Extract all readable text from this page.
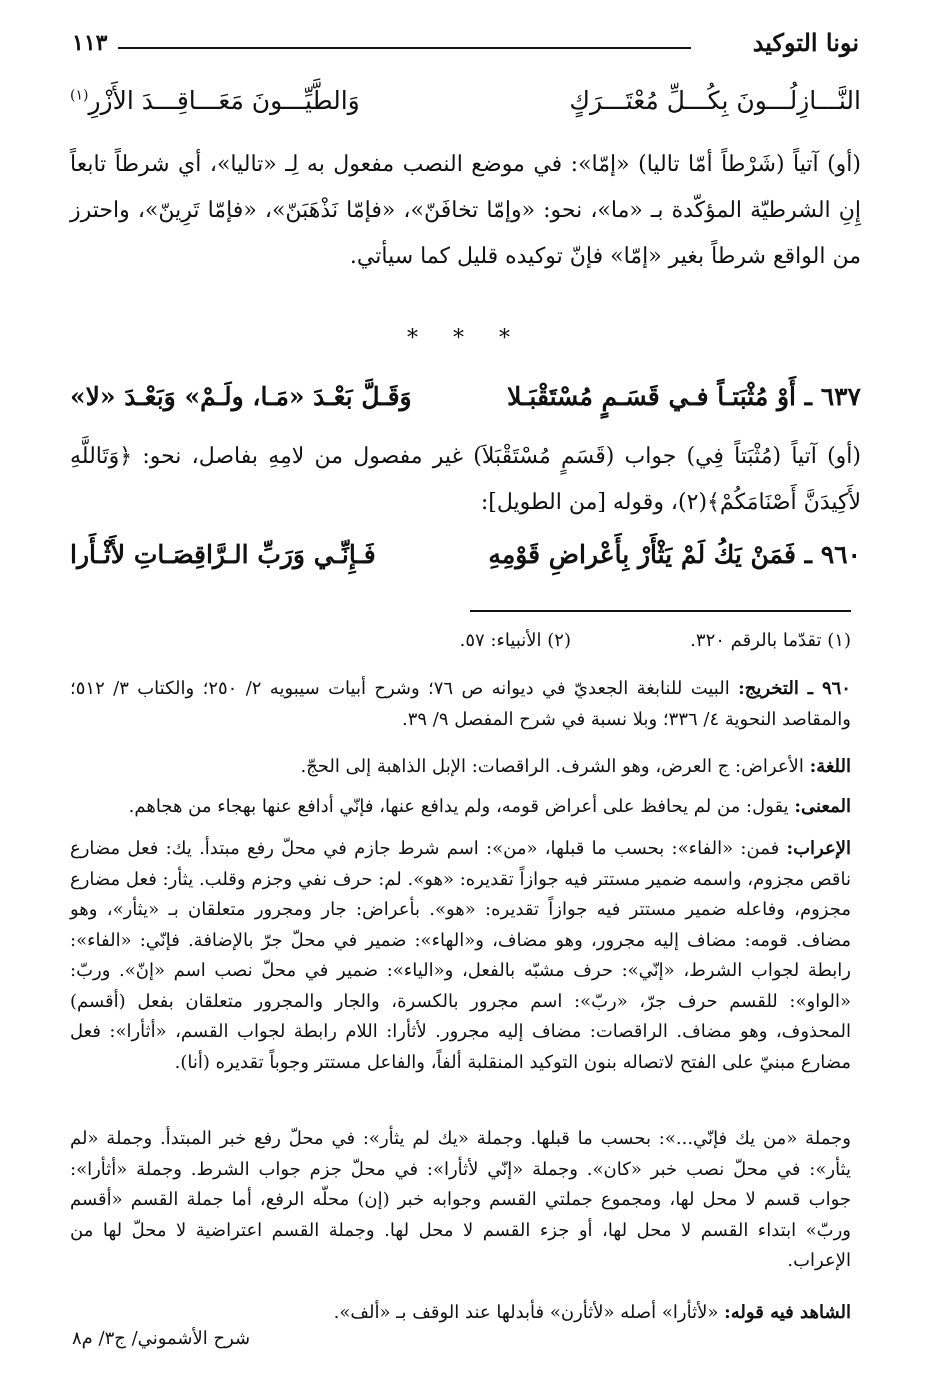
نونا التوكيد
١١٣
النَّـــازِلُـــونَ بِكُـــلِّ مُعْتَـــرَكٍ
وَالطَّيِّـــونَ مَعَـــاقِـــدَ الأَزْرِ$^{(١)}$
(أو) آتياً (شَرْطاً أمّا تاليا) «إمّا»: في موضع النصب مفعول به لِـ «تاليا»، أي شرطاً تابعاً إِنِ الشرطيّة المؤكّدة بـ «ما»، نحو: «وإمّا تخافَنّ»، «فإمّا نَذْهَبَنّ»، «فإمّا تَرِينّ»، واحترز من الواقع شرطاً بغير «إمّا» فإنّ توكيده قليل كما سيأتي.
* * *
٦٣٧ ـ أَوْ مُثْبَتـاً فـي قَسَـمٍ مُسْتَقْبَـلا
وَقَـلَّ بَعْـدَ «مَـا، ولَـمْ» وَبَعْـدَ «لا»
(أو) آتياً (مُثْبَتاً فِي) جواب (قَسَمٍ مُسْتَقْبَلاَ) غير مفصول من لامِهِ بفاصل، نحو: ﴿وَتَاللَّهِ لأَكِيدَنَّ أَصْنَامَكُمْ﴾(٢)، وقوله [من الطويل]:
٩٦٠ ـ فَمَنْ يَكُ لَمْ يَثْأَرْ بِأَعْراضِ قَوْمِهِ
فَـإِنِّـي وَرَبِّ الـرَّاقِصَـاتِ لأَثْـأَرا
(١) تقدّما بالرقم ٣٢٠.
(٢) الأنبياء: ٥٧.
٩٦٠ ـ التخريج: البيت للنابغة الجعديّ في ديوانه ص ٧٦؛ وشرح أبيات سيبويه ٢/ ٢٥٠؛ والكتاب ٣/ ٥١٢؛ والمقاصد النحوية ٤/ ٣٣٦؛ وبلا نسبة في شرح المفصل ٩/ ٣٩.
اللغة: الأعراض: ج العرض، وهو الشرف. الراقصات: الإبل الذاهبة إلى الحجّ.
المعنى: يقول: من لم يحافظ على أعراض قومه، ولم يدافع عنها، فإنّي أدافع عنها بهجاء من هجاهم.
الإعراب: فمن: «الفاء»: بحسب ما قبلها، «من»: اسم شرط جازم في محلّ رفع مبتدأ. يك: فعل مضارع ناقص مجزوم، واسمه ضمير مستتر فيه جوازاً تقديره: «هو». لم: حرف نفي وجزم وقلب. يثأر: فعل مضارع مجزوم، وفاعله ضمير مستتر فيه جوازاً تقديره: «هو». بأعراض: جار ومجرور متعلقان بـ «يثأر»، وهو مضاف. قومه: مضاف إليه مجرور، وهو مضاف، و«الهاء»: ضمير في محلّ جرّ بالإضافة. فإنّي: «الفاء»: رابطة لجواب الشرط، «إنّي»: حرف مشبّه بالفعل، و«الياء»: ضمير في محلّ نصب اسم «إنّ». وربّ: «الواو»: للقسم حرف جرّ، «ربّ»: اسم مجرور بالكسرة، والجار والمجرور متعلقان بفعل (أقسم) المحذوف، وهو مضاف. الراقصات: مضاف إليه مجرور. لأثأرا: اللام رابطة لجواب القسم، «أثأرا»: فعل مضارع مبنيّ على الفتح لاتصاله بنون التوكيد المنقلبة ألفاً، والفاعل مستتر وجوباً تقديره (أنا).
وجملة «من يك فإنّي...»: بحسب ما قبلها. وجملة «يك لم يثأر»: في محلّ رفع خبر المبتدأ. وجملة «لم يثأر»: في محلّ نصب خبر «كان». وجملة «إنّي لأثأرا»: في محلّ جزم جواب الشرط. وجملة «أثأرا»: جواب قسم لا محل لها، ومجموع جملتي القسم وجوابه خبر (إن) محلّه الرفع، أما جملة القسم «أقسم وربّ» ابتداء القسم لا محل لها، أو جزء القسم لا محل لها. وجملة القسم اعتراضية لا محلّ لها من الإعراب.
الشاهد فيه قوله: «لأثأرا» أصله «لأثأرن» فأبدلها عند الوقف بـ «ألف».
شرح الأشموني/ ج٣/ م٨
